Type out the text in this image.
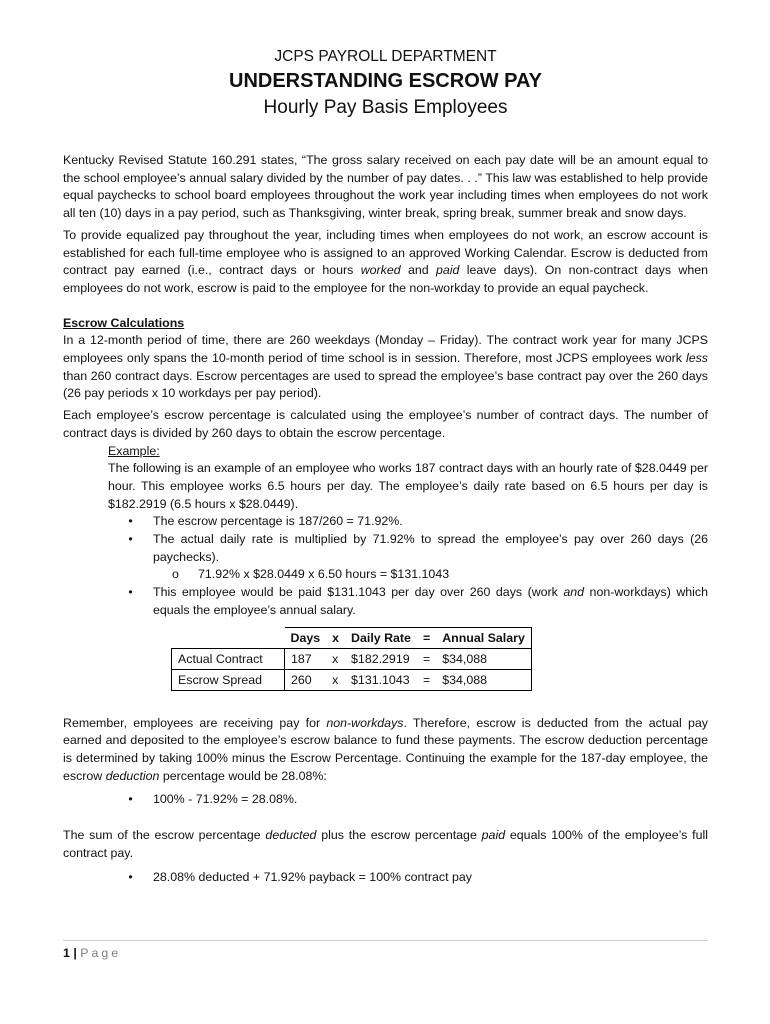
JCPS PAYROLL DEPARTMENT
UNDERSTANDING ESCROW PAY
Hourly Pay Basis Employees

Kentucky Revised Statute 160.291 states, “The gross salary received on each pay date will be an amount equal to the school employee’s annual salary divided by the number of pay dates. . .” This law was established to help provide equal paychecks to school board employees throughout the work year including times when employees do not work all ten (10) days in a pay period, such as Thanksgiving, winter break, spring break, summer break and snow days.

To provide equalized pay throughout the year, including times when employees do not work, an escrow account is established for each full-time employee who is assigned to an approved Working Calendar. Escrow is deducted from contract pay earned (i.e., contract days or hours worked and paid leave days). On non-contract days when employees do not work, escrow is paid to the employee for the non-workday to provide an equal paycheck.

Escrow Calculations

In a 12-month period of time, there are 260 weekdays (Monday – Friday). The contract work year for many JCPS employees only spans the 10-month period of time school is in session. Therefore, most JCPS employees work less than 260 contract days. Escrow percentages are used to spread the employee’s base contract pay over the 260 days (26 pay periods x 10 workdays per pay period).

Each employee’s escrow percentage is calculated using the employee’s number of contract days. The number of contract days is divided by 260 days to obtain the escrow percentage.

Example:

The following is an example of an employee who works 187 contract days with an hourly rate of $28.0449 per hour. This employee works 6.5 hours per day. The employee’s daily rate based on 6.5 hours per day is $182.2919 (6.5 hours x $28.0449).

•	The escrow percentage is 187/260 = 71.92%.
•	The actual daily rate is multiplied by 71.92% to spread the employee’s pay over 260 days (26 paychecks).
o	71.92% x $28.0449 x 6.50 hours = $131.1043
•	This employee would be paid $131.1043 per day over 260 days (work and non-workdays) which equals the employee’s annual salary.
	Days	x	Daily Rate	=	Annual Salary
Actual Contract	187	x	$182.2919	=	$34,088
Escrow Spread	260	x	$131.1043	=	$34,088

Remember, employees are receiving pay for non-workdays. Therefore, escrow is deducted from the actual pay earned and deposited to the employee’s escrow balance to fund these payments. The escrow deduction percentage is determined by taking 100% minus the Escrow Percentage. Continuing the example for the 187-day employee, the escrow deduction percentage would be 28.08%:

•	100% - 71.92% = 28.08%.

The sum of the escrow percentage deducted plus the escrow percentage paid equals 100% of the employee’s full contract pay.

•	28.08% deducted + 71.92% payback = 100% contract pay
1 | Page
